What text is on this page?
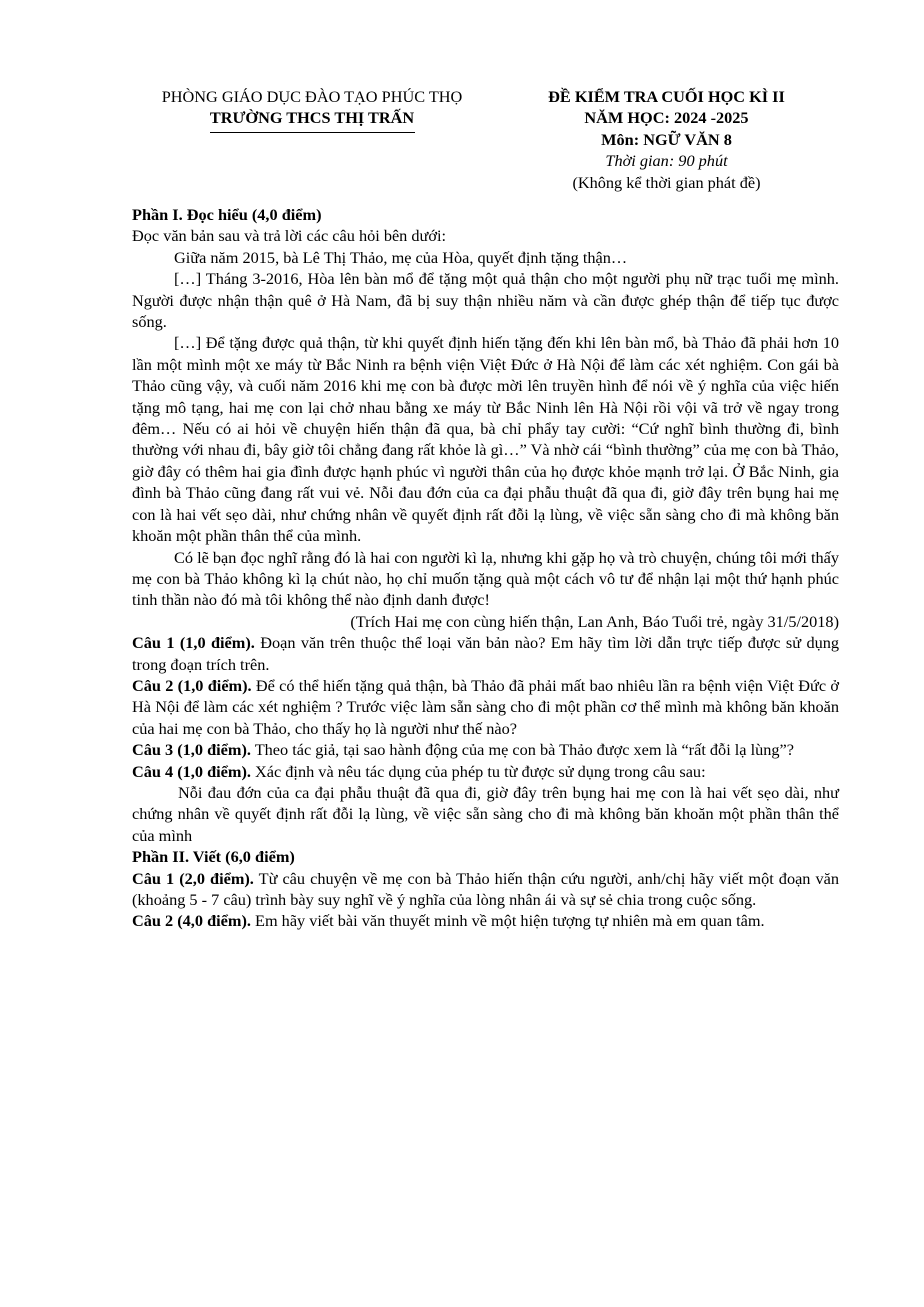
PHÒNG GIÁO DỤC ĐÀO TẠO PHÚC THỌ
TRƯỜNG THCS THỊ TRẤN
ĐỀ KIỂM TRA CUỐI HỌC KÌ II
NĂM HỌC: 2024 -2025
Môn: NGỮ VĂN 8
Thời gian: 90 phút
(Không kể thời gian phát đề)

Phần I. Đọc hiểu (4,0 điểm)

Đọc văn bản sau và trả lời các câu hỏi bên dưới:

Giữa năm 2015, bà Lê Thị Thảo, mẹ của Hòa, quyết định tặng thận…

[…] Tháng 3-2016, Hòa lên bàn mổ để tặng một quả thận cho một người phụ nữ trạc tuổi mẹ mình. Người được nhận thận quê ở Hà Nam, đã bị suy thận nhiều năm và cần được ghép thận để tiếp tục được sống.

[…] Để tặng được quả thận, từ khi quyết định hiến tặng đến khi lên bàn mổ, bà Thảo đã phải hơn 10 lần một mình một xe máy từ Bắc Ninh ra bệnh viện Việt Đức ở Hà Nội để làm các xét nghiệm. Con gái bà Thảo cũng vậy, và cuối năm 2016 khi mẹ con bà được mời lên truyền hình để nói về ý nghĩa của việc hiến tặng mô tạng, hai mẹ con lại chở nhau bằng xe máy từ Bắc Ninh lên Hà Nội rồi vội vã trở về ngay trong đêm… Nếu có ai hỏi về chuyện hiến thận đã qua, bà chỉ phẩy tay cười: “Cứ nghĩ bình thường đi, bình thường với nhau đi, bây giờ tôi chẳng đang rất khỏe là gì…” Và nhờ cái “bình thường” của mẹ con bà Thảo, giờ đây có thêm hai gia đình được hạnh phúc vì người thân của họ được khỏe mạnh trở lại. Ở Bắc Ninh, gia đình bà Thảo cũng đang rất vui vẻ. Nỗi đau đớn của ca đại phẫu thuật đã qua đi, giờ đây trên bụng hai mẹ con là hai vết sẹo dài, như chứng nhân về quyết định rất đỗi lạ lùng, về việc sẵn sàng cho đi mà không băn khoăn một phần thân thể của mình.

Có lẽ bạn đọc nghĩ rằng đó là hai con người kì lạ, nhưng khi gặp họ và trò chuyện, chúng tôi mới thấy mẹ con bà Thảo không kì lạ chút nào, họ chỉ muốn tặng quà một cách vô tư để nhận lại một thứ hạnh phúc tinh thần nào đó mà tôi không thể nào định danh được!

(Trích Hai mẹ con cùng hiến thận, Lan Anh, Báo Tuổi trẻ, ngày 31/5/2018)

Câu 1 (1,0 điểm). Đoạn văn trên thuộc thể loại văn bản nào? Em hãy tìm lời dẫn trực tiếp được sử dụng trong đoạn trích trên.

Câu 2 (1,0 điểm). Để có thể hiến tặng quả thận, bà Thảo đã phải mất bao nhiêu lần ra bệnh viện Việt Đức ở Hà Nội để làm các xét nghiệm ? Trước việc làm sẵn sàng cho đi một phần cơ thể mình mà không băn khoăn của hai mẹ con bà Thảo, cho thấy họ là người như thế nào?

Câu 3 (1,0 điểm). Theo tác giả, tại sao hành động của mẹ con bà Thảo được xem là “rất đỗi lạ lùng”?

Câu 4 (1,0 điểm). Xác định và nêu tác dụng của phép tu từ được sử dụng trong câu sau:

Nỗi đau đớn của ca đại phẫu thuật đã qua đi, giờ đây trên bụng hai mẹ con là hai vết sẹo dài, như chứng nhân về quyết định rất đỗi lạ lùng, về việc sẵn sàng cho đi mà không băn khoăn một phần thân thể của mình

Phần II. Viết (6,0 điểm)

Câu 1 (2,0 điểm). Từ câu chuyện về mẹ con bà Thảo hiến thận cứu người, anh/chị hãy viết một đoạn văn (khoảng 5 - 7 câu) trình bày suy nghĩ về ý nghĩa của lòng nhân ái và sự sẻ chia trong cuộc sống.

Câu 2 (4,0 điểm). Em hãy viết bài văn thuyết minh về một hiện tượng tự nhiên mà em quan tâm.
